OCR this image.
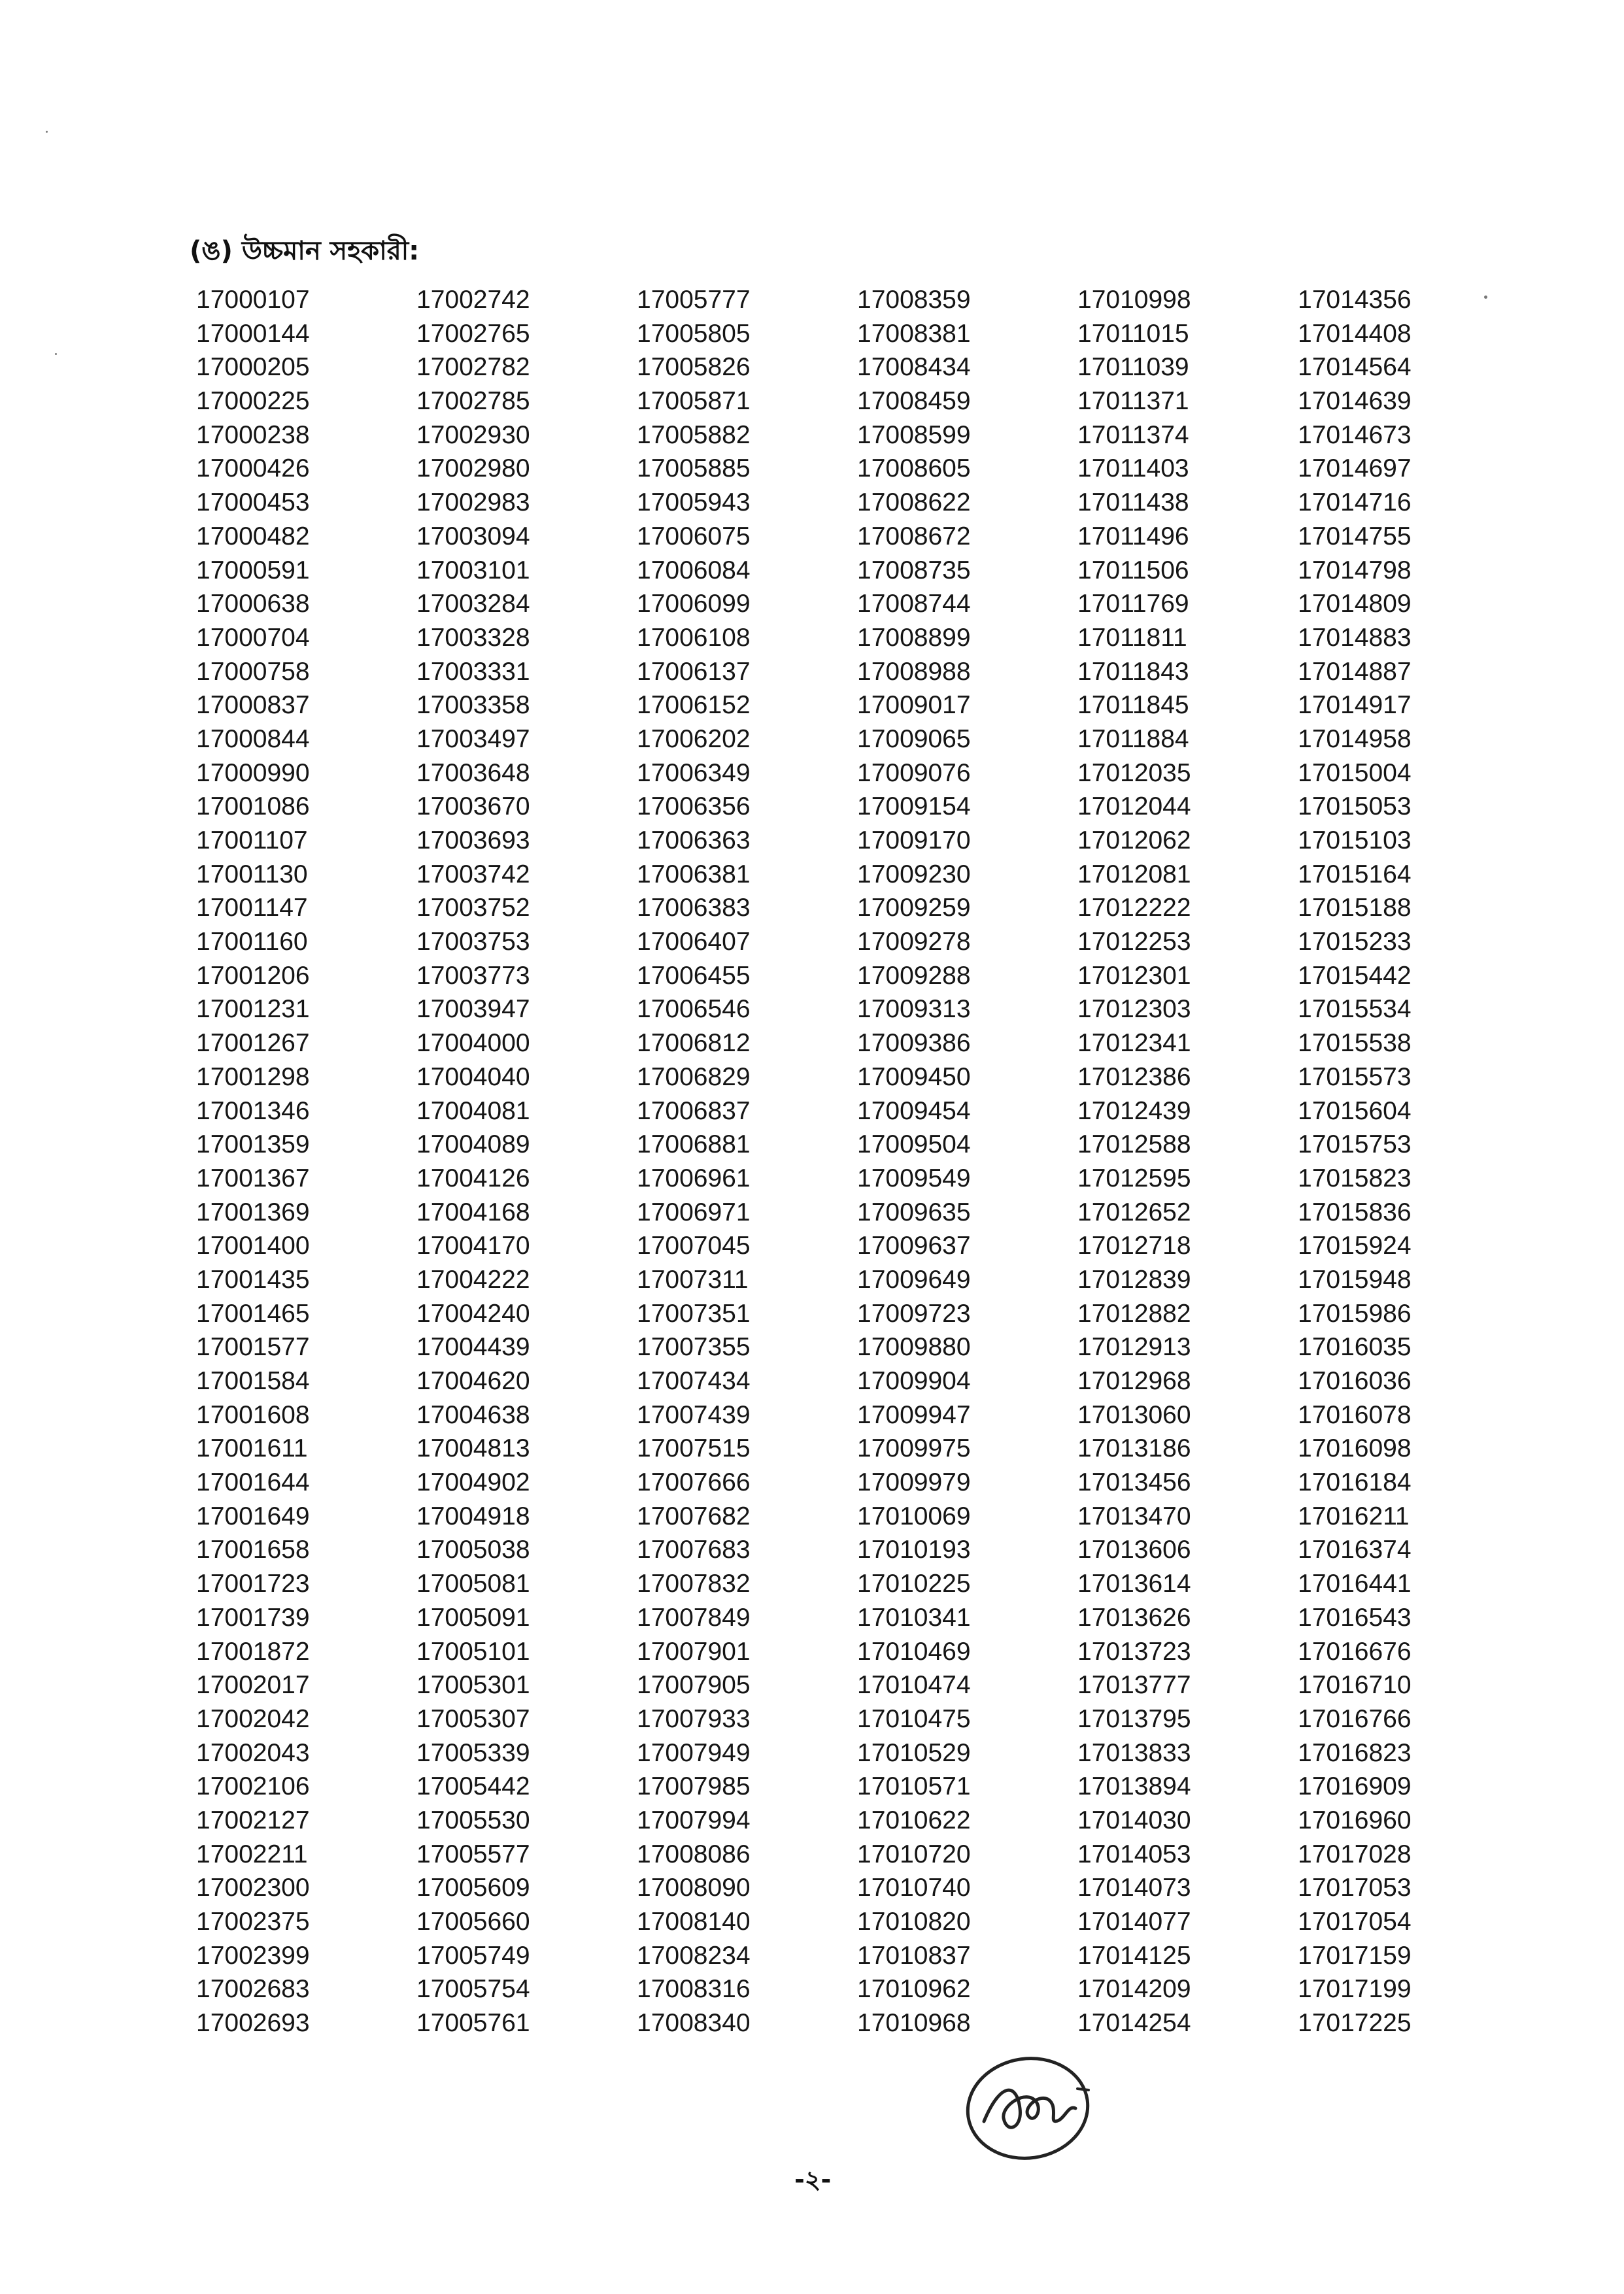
(ঙ) উচ্চমান সহকারী:
17000107
17000144
17000205
17000225
17000238
17000426
17000453
17000482
17000591
17000638
17000704
17000758
17000837
17000844
17000990
17001086
17001107
17001130
17001147
17001160
17001206
17001231
17001267
17001298
17001346
17001359
17001367
17001369
17001400
17001435
17001465
17001577
17001584
17001608
17001611
17001644
17001649
17001658
17001723
17001739
17001872
17002017
17002042
17002043
17002106
17002127
17002211
17002300
17002375
17002399
17002683
17002693
17002742
17002765
17002782
17002785
17002930
17002980
17002983
17003094
17003101
17003284
17003328
17003331
17003358
17003497
17003648
17003670
17003693
17003742
17003752
17003753
17003773
17003947
17004000
17004040
17004081
17004089
17004126
17004168
17004170
17004222
17004240
17004439
17004620
17004638
17004813
17004902
17004918
17005038
17005081
17005091
17005101
17005301
17005307
17005339
17005442
17005530
17005577
17005609
17005660
17005749
17005754
17005761
17005777
17005805
17005826
17005871
17005882
17005885
17005943
17006075
17006084
17006099
17006108
17006137
17006152
17006202
17006349
17006356
17006363
17006381
17006383
17006407
17006455
17006546
17006812
17006829
17006837
17006881
17006961
17006971
17007045
17007311
17007351
17007355
17007434
17007439
17007515
17007666
17007682
17007683
17007832
17007849
17007901
17007905
17007933
17007949
17007985
17007994
17008086
17008090
17008140
17008234
17008316
17008340
17008359
17008381
17008434
17008459
17008599
17008605
17008622
17008672
17008735
17008744
17008899
17008988
17009017
17009065
17009076
17009154
17009170
17009230
17009259
17009278
17009288
17009313
17009386
17009450
17009454
17009504
17009549
17009635
17009637
17009649
17009723
17009880
17009904
17009947
17009975
17009979
17010069
17010193
17010225
17010341
17010469
17010474
17010475
17010529
17010571
17010622
17010720
17010740
17010820
17010837
17010962
17010968
17010998
17011015
17011039
17011371
17011374
17011403
17011438
17011496
17011506
17011769
17011811
17011843
17011845
17011884
17012035
17012044
17012062
17012081
17012222
17012253
17012301
17012303
17012341
17012386
17012439
17012588
17012595
17012652
17012718
17012839
17012882
17012913
17012968
17013060
17013186
17013456
17013470
17013606
17013614
17013626
17013723
17013777
17013795
17013833
17013894
17014030
17014053
17014073
17014077
17014125
17014209
17014254
17014356
17014408
17014564
17014639
17014673
17014697
17014716
17014755
17014798
17014809
17014883
17014887
17014917
17014958
17015004
17015053
17015103
17015164
17015188
17015233
17015442
17015534
17015538
17015573
17015604
17015753
17015823
17015836
17015924
17015948
17015986
17016035
17016036
17016078
17016098
17016184
17016211
17016374
17016441
17016543
17016676
17016710
17016766
17016823
17016909
17016960
17017028
17017053
17017054
17017159
17017199
17017225
-২-
